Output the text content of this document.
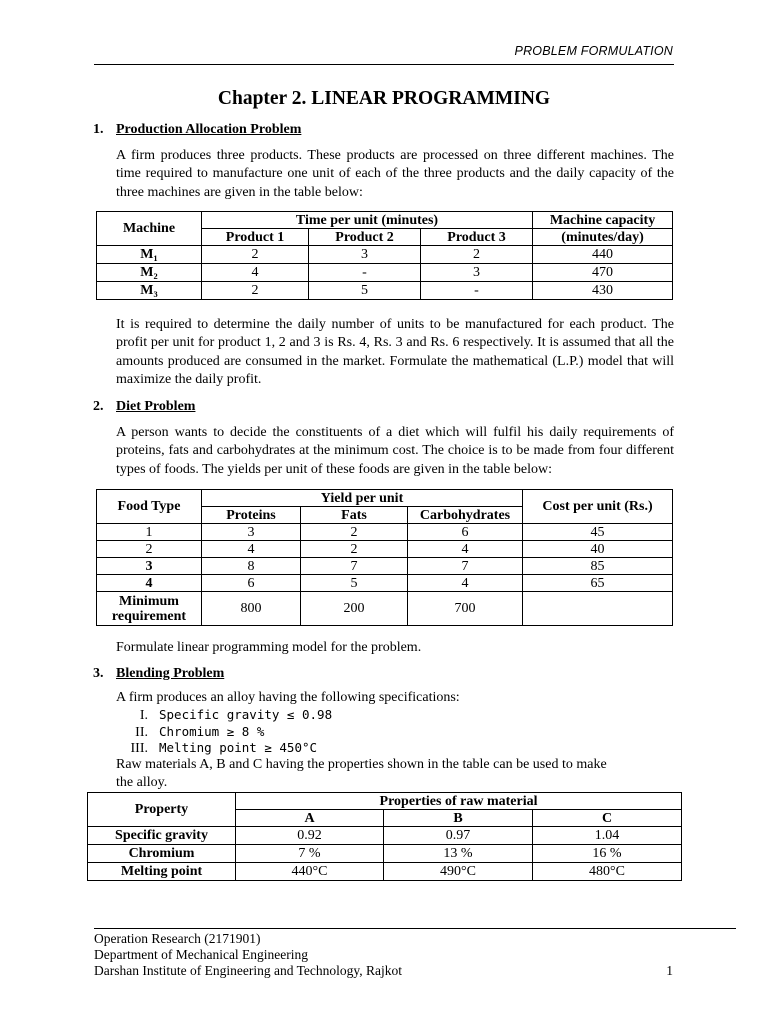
PROBLEM FORMULATION
Chapter 2. LINEAR PROGRAMMING
1. Production Allocation Problem
A firm produces three products. These products are processed on three different machines. The time required to manufacture one unit of each of the three products and the daily capacity of the three machines are given in the table below:
Machine	Time per unit (minutes)			Machine capacity
	Product 1	Product 2	Product 3	(minutes/day)
M₁	2	3	2	440
M₂	4	-	3	470
M₃	2	5	-	430
It is required to determine the daily number of units to be manufactured for each product. The profit per unit for product 1, 2 and 3 is Rs. 4, Rs. 3 and Rs. 6 respectively. It is assumed that all the amounts produced are consumed in the market. Formulate the mathematical (L.P.) model that will maximize the daily profit.
2. Diet Problem
A person wants to decide the constituents of a diet which will fulfil his daily requirements of proteins, fats and carbohydrates at the minimum cost. The choice is to be made from four different types of foods. The yields per unit of these foods are given in the table below:
Food Type	Yield per unit			Cost per unit (Rs.)
	Proteins	Fats	Carbohydrates	
1	3	2	6	45
2	4	2	4	40
3	8	7	7	85
4	6	5	4	65
Minimum
requirement	800	200	700	
Formulate linear programming model for the problem.
3. Blending Problem
A firm produces an alloy having the following specifications:
I. Specific gravity ≤ 0.98
II. Chromium ≥ 8 %
III. Melting point ≥ 450°C
Raw materials A, B and C having the properties shown in the table can be used to make
the alloy.
Property	Properties of raw material		
	A	B	C
Specific gravity	0.92	0.97	1.04
Chromium	7 %	13 %	16 %
Melting point	440°C	490°C	480°C
Operation Research (2171901)
Department of Mechanical Engineering
Darshan Institute of Engineering and Technology, Rajkot	1
